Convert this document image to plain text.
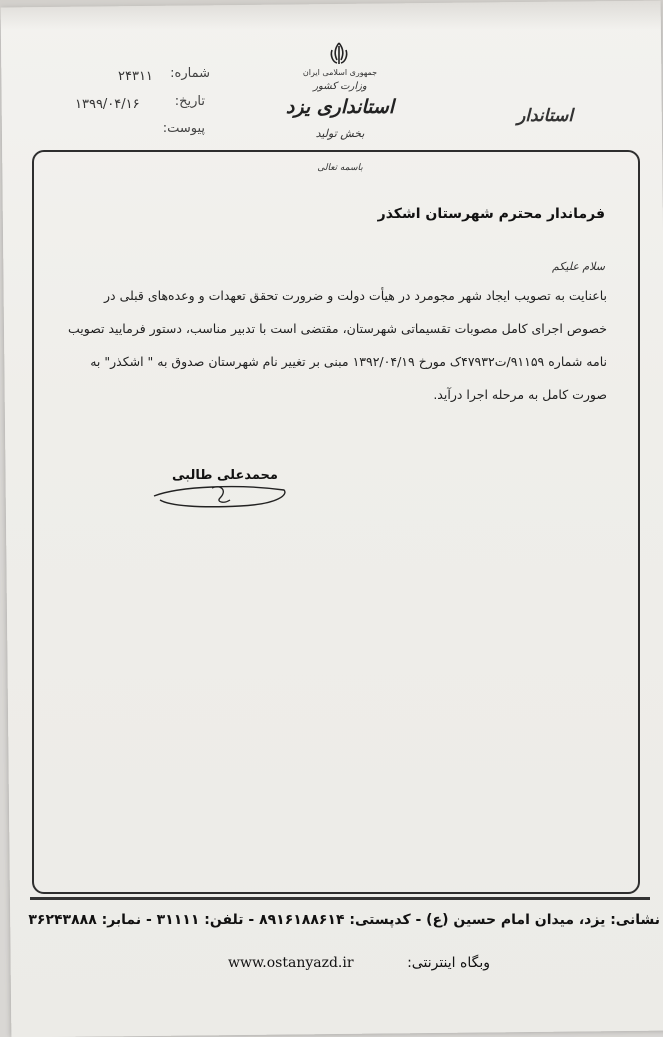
جمهوری اسلامی ایران
وزارت کشور
استانداری یزد
بخش تولید
باسمه تعالی
استاندار
شماره:
۲۴۳۱۱
تاریخ:
۱۳۹۹/۰۴/۱۶
پیوست:
فرماندار محترم شهرستان اشکذر
سلام علیکم
باعنایت به تصویب ایجاد شهر مجومرد در هیأت دولت و ضرورت تحقق تعهدات و وعده‌های قبلی در
خصوص اجرای کامل مصوبات تقسیماتی شهرستان، مقتضی است با تدبیر مناسب، دستور فرمایید تصویب
نامه شماره ۹۱۱۵۹/ت۴۷۹۳۲ک مورخ ۱۳۹۲/۰۴/۱۹ مبنی بر تغییر نام شهرستان صدوق به " اشکذر" به
صورت کامل به مرحله اجرا درآید.
محمدعلی طالبی
نشانی: یزد، میدان امام حسین (ع) - کدپستی: ۸۹۱۶۱۸۸۶۱۴ - تلفن: ۳۱۱۱۱ - نمابر: ۳۶۲۴۳۸۸۸
وبگاه اینترنتی:
www.ostanyazd.ir
